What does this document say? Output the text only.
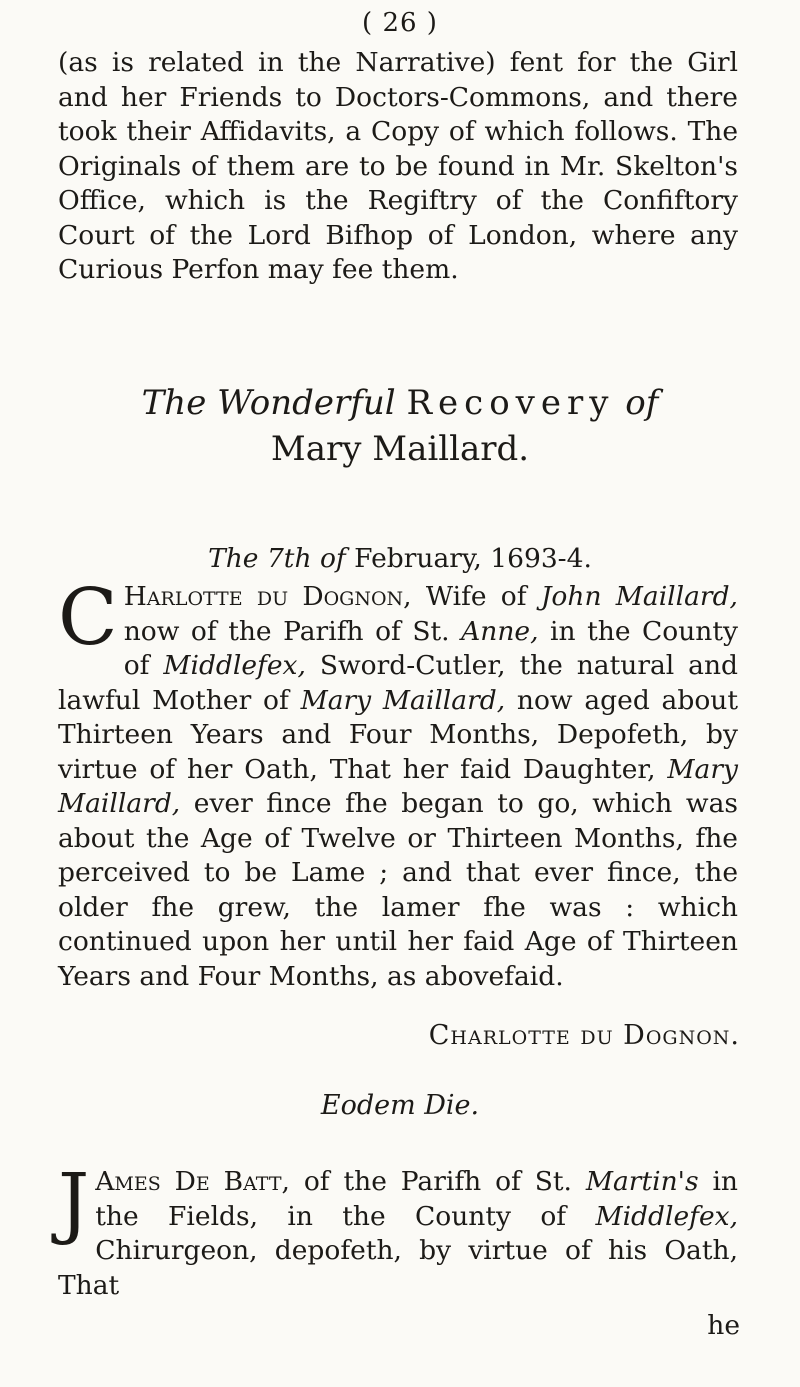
( 26 )

(as is related in the Narrative) fent for the Girl and her Friends to Doctors-Commons, and there took their Affidavits, a Copy of which follows. The Originals of them are to be found in Mr. Skelton's Office, which is the Regiftry of the Confiftory Court of the Lord Bifhop of London, where any Curious Perfon may fee them.

The Wonderful Recovery of
Mary Maillard.
The 7th of February, 1693-4.

C Harlotte du Dognon, Wife of John Maillard, now of the Parifh of St. Anne, in the County of Middlefex, Sword-Cutler, the natural and lawful Mother of Mary Maillard, now aged about Thirteen Years and Four Months, Depofeth, by virtue of her Oath, That her faid Daughter, Mary Maillard, ever fince fhe began to go, which was about the Age of Twelve or Thirteen Months, fhe perceived to be Lame ; and that ever fince, the older fhe grew, the lamer fhe was : which continued upon her until her faid Age of Thirteen Years and Four Months, as abovefaid.

Charlotte du Dognon.
Eodem Die.

J Ames De Batt, of the Parifh of St. Martin's in the Fields, in the County of Middlefex, Chirurgeon, depofeth, by virtue of his Oath, That

he
